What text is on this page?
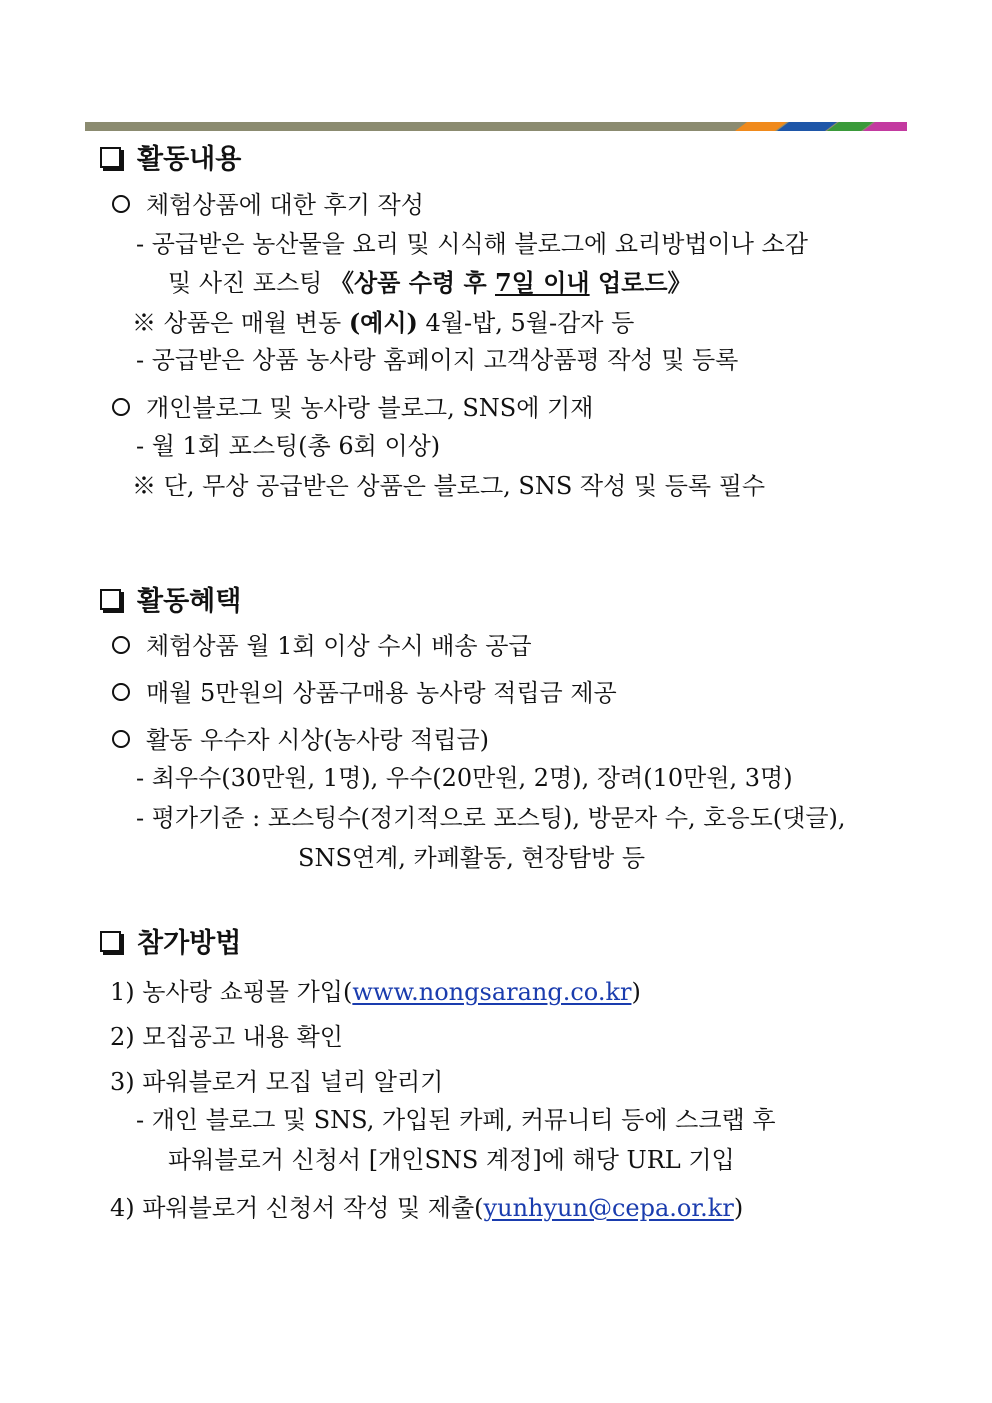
활동내용
체험상품에 대한 후기 작성
- 공급받은 농산물을 요리 및 시식해 블로그에 요리방법이나 소감
및 사진 포스팅 《상품 수령 후 7일 이내 업로드》
※ 상품은 매월 변동 (예시) 4월-밥, 5월-감자 등
- 공급받은 상품 농사랑 홈페이지 고객상품평 작성 및 등록
개인블로그 및 농사랑 블로그, SNS에 기재
- 월 1회 포스팅(총 6회 이상)
※ 단, 무상 공급받은 상품은 블로그, SNS 작성 및 등록 필수
활동혜택
체험상품 월 1회 이상 수시 배송 공급
매월 5만원의 상품구매용 농사랑 적립금 제공
활동 우수자 시상(농사랑 적립금)
- 최우수(30만원, 1명), 우수(20만원, 2명), 장려(10만원, 3명)
- 평가기준 : 포스팅수(정기적으로 포스팅), 방문자 수, 호응도(댓글),
SNS연계, 카페활동, 현장탐방 등
참가방법
1) 농사랑 쇼핑몰 가입(www.nongsarang.co.kr)
2) 모집공고 내용 확인
3) 파워블로거 모집 널리 알리기
- 개인 블로그 및 SNS, 가입된 카페, 커뮤니티 등에 스크랩 후
파워블로거 신청서 [개인SNS 계정]에 해당 URL 기입
4) 파워블로거 신청서 작성 및 제출(yunhyun@cepa.or.kr)
